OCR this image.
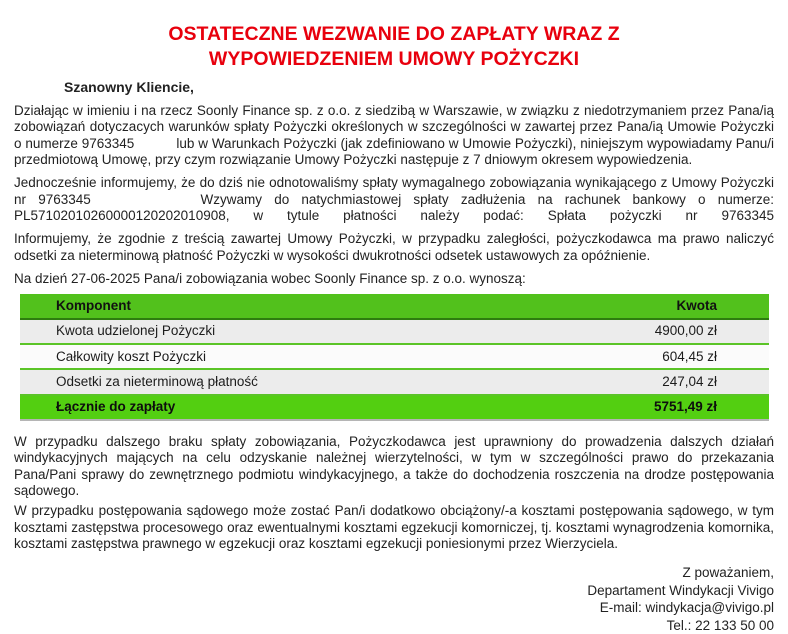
OSTATECZNE WEZWANIE DO ZAPŁATY WRAZ Z
WYPOWIEDZENIEM UMOWY POŻYCZKI

Szanowny Kliencie,

Działając w imieniu i na rzecz Soonly Finance sp. z o.o. z siedzibą w Warszawie, w związku z niedotrzymaniem przez Pana/ią zobowiązań dotyczacych warunków spłaty Pożyczki określonych w szczególności w zawartej przez Pana/ią Umowie Pożyczki o numerze 9763345           lub w Warunkach Pożyczki (jak zdefiniowano w Umowie Pożyczki), niniejszym wypowiadamy Panu/i przedmiotową Umowę, przy czym rozwiązanie Umowy Pożyczki następuje z 7 dniowym okresem wypowiedzenia.

Jednocześnie informujemy, że do dziś nie odnotowaliśmy spłaty wymagalnego zobowiązania wynikającego z Umowy Pożyczki nr 9763345         Wzywamy do natychmiastowej spłaty zadłużenia na rachunek bankowy o numerze: PL57102010260000120202010908, w tytule płatności należy podać: Spłata pożyczki nr 9763345

Informujemy, że zgodnie z treścią zawartej Umowy Pożyczki, w przypadku zaległości, pożyczkodawca ma prawo naliczyć odsetki za nieterminową płatność Pożyczki w wysokości dwukrotności odsetek ustawowych za opóźnienie.

Na dzień 27-06-2025 Pana/i zobowiązania wobec Soonly Finance sp. z o.o. wynoszą:

Komponent	Kwota
Kwota udzielonej Pożyczki	4900,00 zł
Całkowity koszt Pożyczki	604,45 zł
Odsetki za nieterminową płatność	247,04 zł
Łącznie do zapłaty	5751,49 zł

W przypadku dalszego braku spłaty zobowiązania, Pożyczkodawca jest uprawniony do prowadzenia dalszych działań windykacyjnych mających na celu odzyskanie należnej wierzytelności, w tym w szczególności prawo do przekazania Pana/Pani sprawy do zewnętrznego podmiotu windykacyjnego, a także do dochodzenia roszczenia na drodze postępowania sądowego.

W przypadku postępowania sądowego może zostać Pan/i dodatkowo obciążony/-a kosztami postępowania sądowego, w tym kosztami zastępstwa procesowego oraz ewentualnymi kosztami egzekucji komorniczej, tj. kosztami wynagrodzenia komornika, kosztami zastępstwa prawnego w egzekucji oraz kosztami egzekucji poniesionymi przez Wierzyciela.

Z poważaniem,
Departament Windykacji Vivigo
E-mail: windykacja@vivigo.pl
Tel.: 22 133 50 00
